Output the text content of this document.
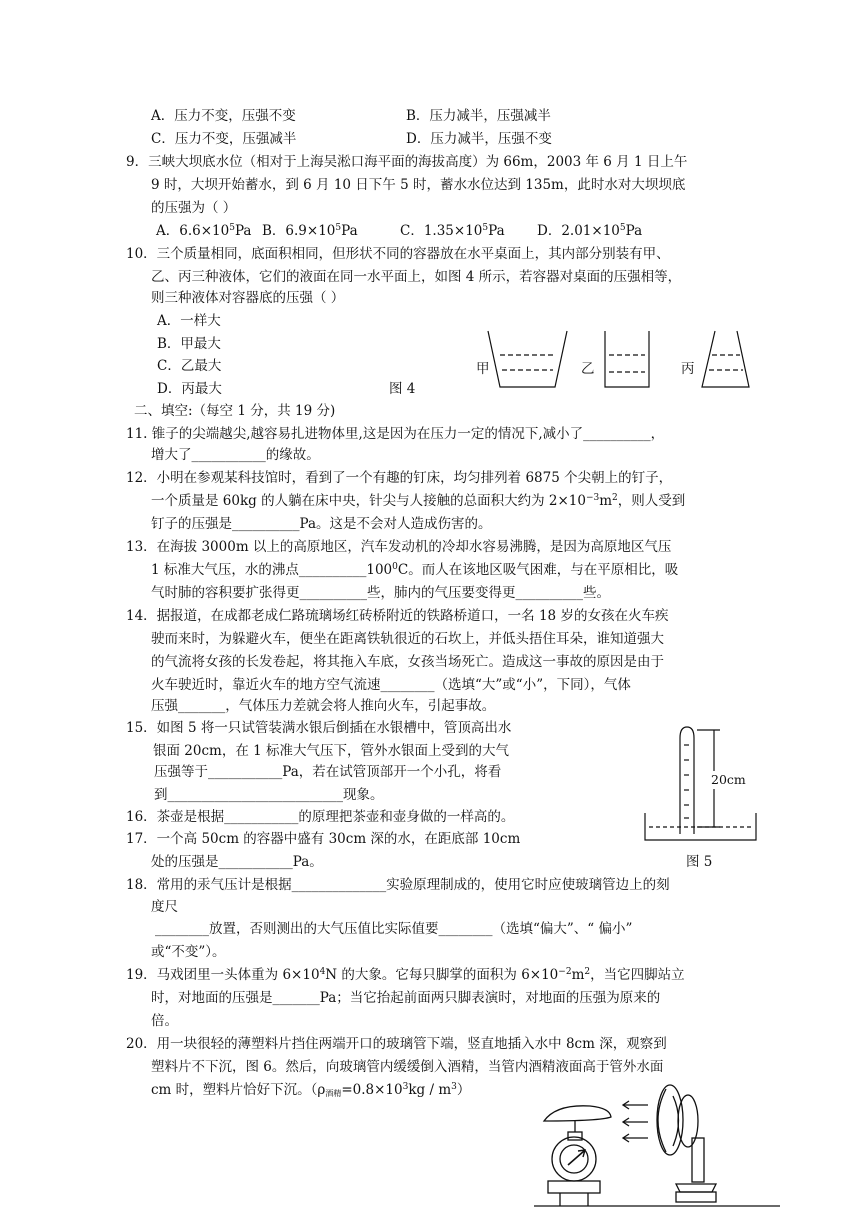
A．压力不变，压强不变	B．压力减半，压强减半
C．压力不变，压强减半	D．压力减半，压强不变
9．三峡大坝底水位（相对于上海吴淞口海平面的海拔高度）为 66m，2003 年 6 月 1 日上午
9 时，大坝开始蓄水，到 6 月 10 日下午 5 时，蓄水水位达到 135m，此时水对大坝坝底
的压强为（ ）
A．$6.6\times 10^5Pa$ B．$6.9\times 10^5Pa$	C．$1.35\times 10^5Pa$ D．$2.01\times 10^5Pa$
10．三个质量相同，底面积相同，但形状不同的容器放在水平桌面上，其内部分别装有甲、
乙、丙三种液体，它们的液面在同一水平面上，如图 4 所示，若容器对桌面的压强相等，
则三种液体对容器底的压强（ ）
A．一样大
B．甲最大
C．乙最大
D．丙最大	图 4
甲	乙	丙
二、填空:（每空 1 分，共 19 分)
11. 锥子的尖端越尖,越容易扎进物体里,这是因为在压力一定的情况下,减小了__________，
增大了___________的缘故。
12．小明在参观某科技馆时，看到了一个有趣的钉床，均匀排列着 6875 个尖朝上的钉子，
一个质量是 60kg 的人躺在床中央，针尖与人接触的总面积大约为 $2\times 10^{-3}m^2$，则人受到
钉子的压强是__________Pa。这是不会对人造成伤害的。
13．在海拔 3000m 以上的高原地区，汽车发动机的冷却水容易沸腾，是因为高原地区气压
1 标准大气压，水的沸点$\_\_\_\_\_\_\_\_\_\_100^0C$。而人在该地区吸气困难，与在平原相比，吸
气时肺的容积要扩张得更__________些，肺内的气压要变得更__________些。
14．据报道，在成都老成仁路琉璃场红砖桥附近的铁路桥道口，一名 18 岁的女孩在火车疾
驶而来时，为躲避火车，便坐在距离铁轨很近的石坎上，并低头捂住耳朵，谁知道强大
的气流将女孩的长发卷起，将其拖入车底，女孩当场死亡。造成这一事故的原因是由于
火车驶近时，靠近火车的地方空气流速________（选填“大”或“小”，下同），气体
压强_______，气体压力差就会将人推向火车，引起事故。
15．如图 5 将一只试管装满水银后倒插在水银槽中，管顶高出水
银面 20cm，在 1 标准大气压下，管外水银面上受到的大气
压强等于___________Pa，若在试管顶部开一个小孔，将看
到__________________________现象。
20cm
图 5
16．茶壶是根据___________的原理把茶壶和壶身做的一样高的。
17．一个高 50cm 的容器中盛有 30cm 深的水，在距底部 10cm
处的压强是___________Pa。
18．常用的汞气压计是根据______________实验原理制成的，使用它时应使玻璃管边上的刻
度尺
________放置，否则测出的大气压值比实际值要________（选填“偏大”、“ 偏小”
或“不变”）。
19．马戏团里一头体重为 $6\times 10^4N$ 的大象。它每只脚掌的面积为 $6\times 10^{-2}m^2$，当它四脚站立
时，对地面的压强是_______Pa；当它抬起前面两只脚表演时，对地面的压强为原来的
倍。
20．用一块很轻的薄塑料片挡住两端开口的玻璃管下端，竖直地插入水中 8cm 深，观察到
塑料片不下沉，图 6。然后，向玻璃管内缓缓倒入酒精，当管内酒精液面高于管外水面
cm 时，塑料片恰好下沉。$(\rho_{酒精}=0.8\times 10^3kg / m^3)$
